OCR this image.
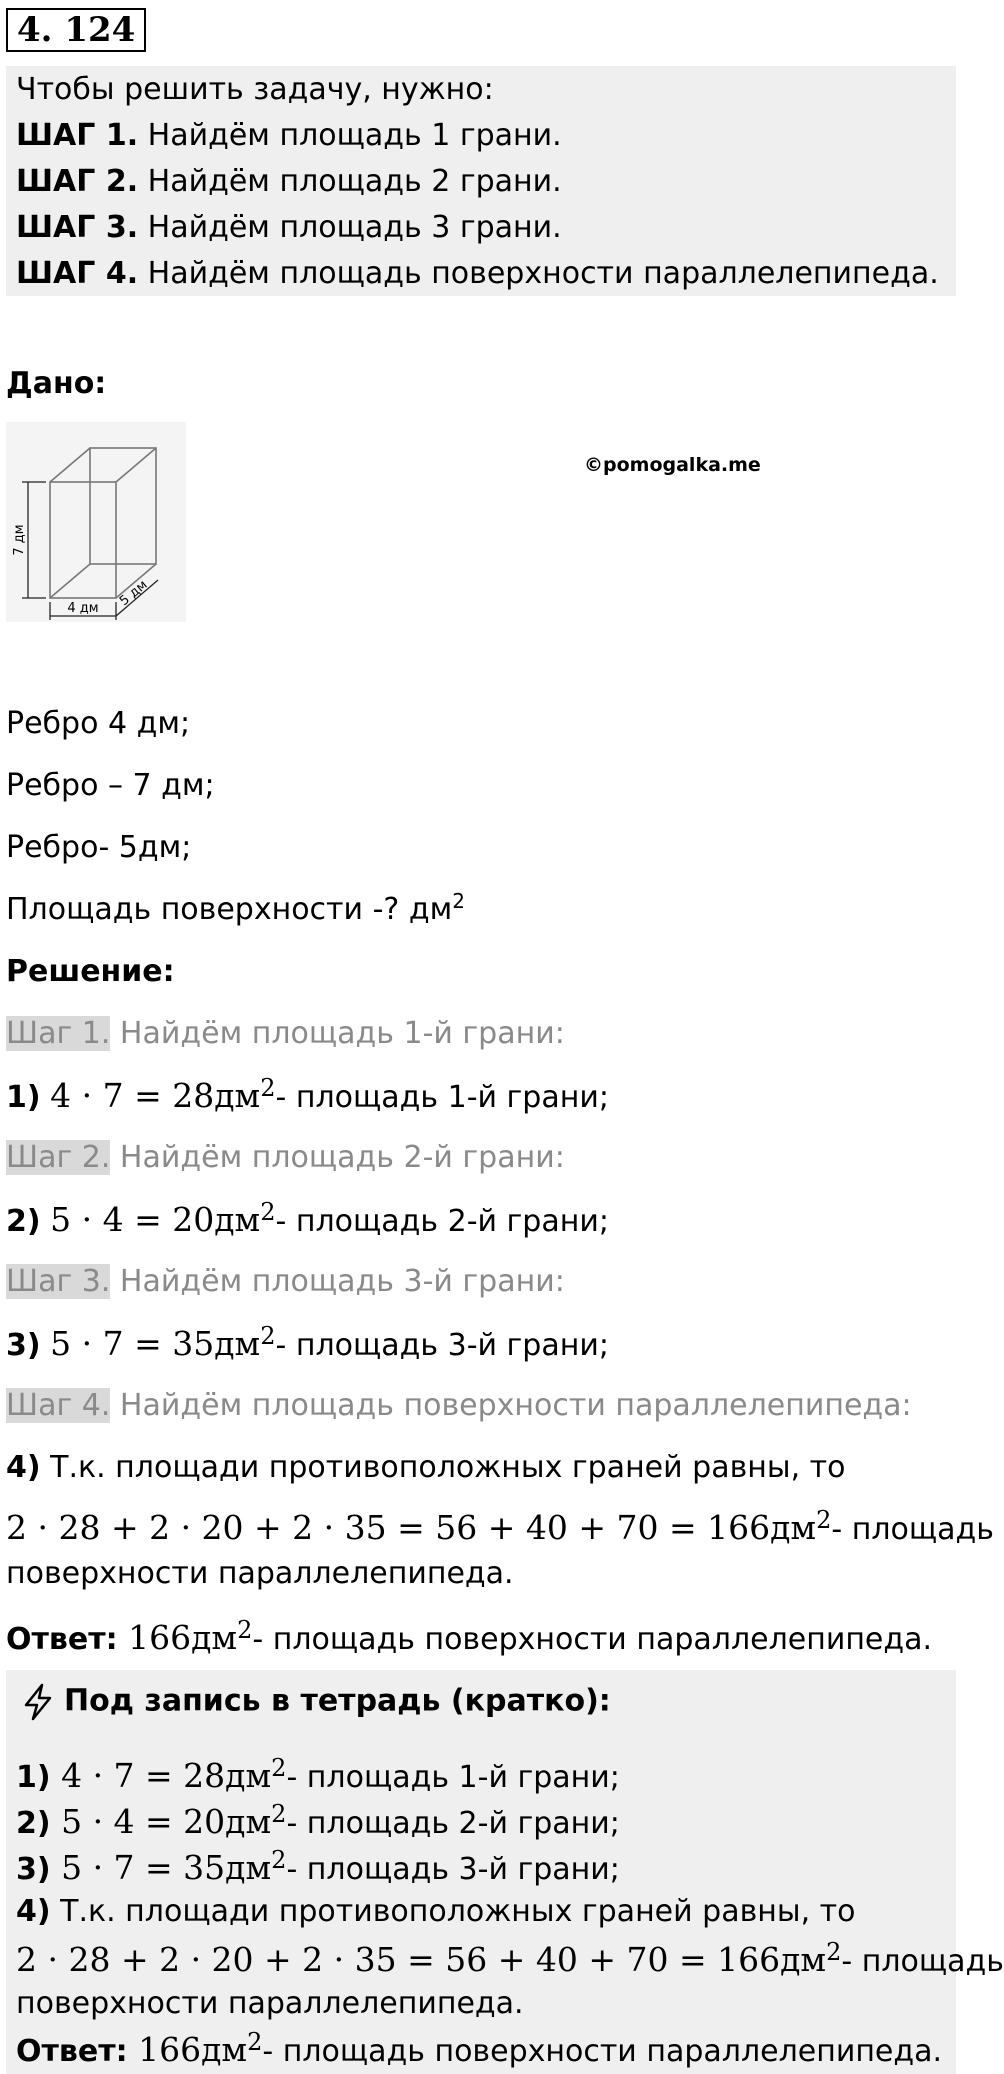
4. 124
Чтобы решить задачу, нужно:
ШАГ 1. Найдём площадь 1 грани.
ШАГ 2. Найдём площадь 2 грани.
ШАГ 3. Найдём площадь 3 грани.
ШАГ 4. Найдём площадь поверхности параллелепипеда.
Дано:
7 дм
4 дм 5 дм
©pomogalka.me
Ребро 4 дм;
Ребро – 7 дм;
Ребро- 5дм;
Площадь поверхности -? $дм^2$
Решение:
Шаг 1. Найдём площадь 1-й грани:
1) $4 \cdot 7 = 28дм^2-$ площадь 1-й грани;
Шаг 2. Найдём площадь 2-й грани:
2) $5 \cdot 4 = 20дм^2-$ площадь 2-й грани;
Шаг 3. Найдём площадь 3-й грани:
3) $5 \cdot 7 = 35дм^2-$ площадь 3-й грани;
Шаг 4. Найдём площадь поверхности параллелепипеда:
4) Т.к. площади противоположных граней равны, то
$2 \cdot 28 + 2 \cdot 20 + 2 \cdot 35 = 56 + 40 + 70 = 166дм^2-$ площадь
поверхности параллелепипеда.
Ответ: $166дм^2-$ площадь поверхности параллелепипеда.
Под запись в тетрадь (кратко):
1) $4 \cdot 7 = 28дм^2-$ площадь 1-й грани;
2) $5 \cdot 4 = 20дм^2-$ площадь 2-й грани;
3) $5 \cdot 7 = 35дм^2-$ площадь 3-й грани;
4) Т.к. площади противоположных граней равны, то
$2 \cdot 28 + 2 \cdot 20 + 2 \cdot 35 = 56 + 40 + 70 = 166дм^2-$ площадь
поверхности параллелепипеда.
Ответ: $166дм^2-$ площадь поверхности параллелепипеда.
